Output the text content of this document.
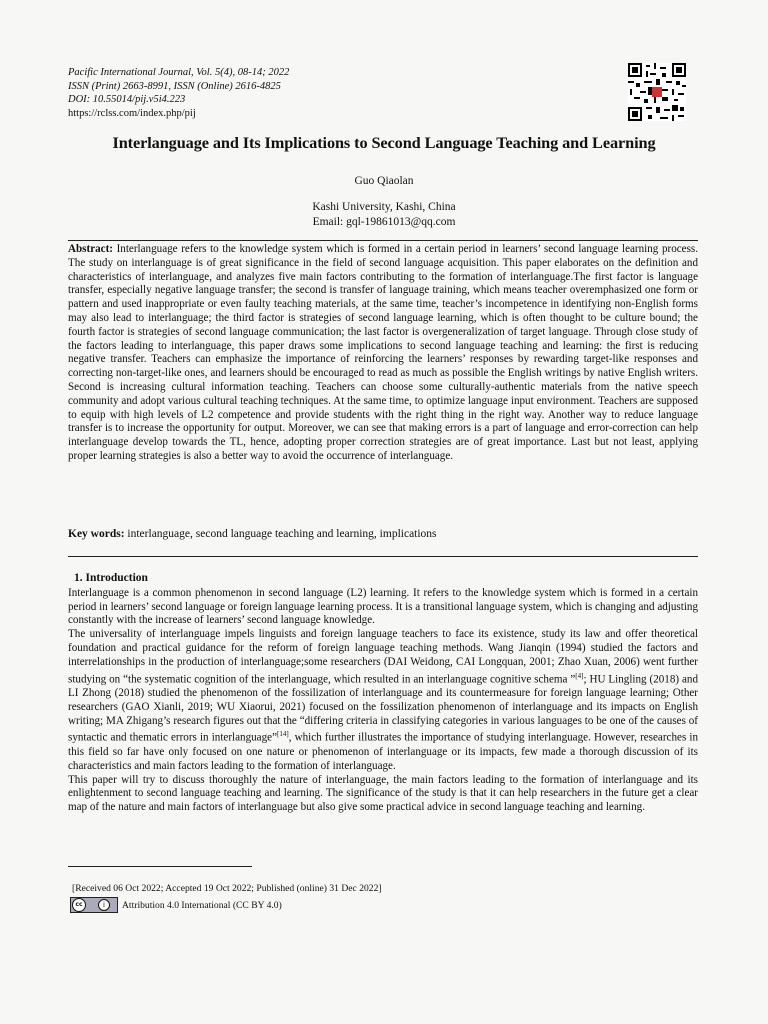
Pacific International Journal, Vol. 5(4), 08-14; 2022
ISSN (Print) 2663-8991, ISSN (Online) 2616-4825
DOI: 10.55014/pij.v5i4.223
https://rclss.com/index.php/pij
Interlanguage and Its Implications to Second Language Teaching and Learning
Guo Qiaolan
Kashi University, Kashi, China
Email: gql-19861013@qq.com
Abstract: Interlanguage refers to the knowledge system which is formed in a certain period in learners’ second language learning process. The study on interlanguage is of great significance in the field of second language acquisition. This paper elaborates on the definition and characteristics of interlanguage, and analyzes five main factors contributing to the formation of interlanguage.The first factor is language transfer, especially negative language transfer; the second is transfer of language training, which means teacher overemphasized one form or pattern and used inappropriate or even faulty teaching materials, at the same time, teacher’s incompetence in identifying non-English forms may also lead to interlanguage; the third factor is strategies of second language learning, which is often thought to be culture bound; the fourth factor is strategies of second language communication; the last factor is overgeneralization of target language. Through close study of the factors leading to interlanguage, this paper draws some implications to second language teaching and learning: the first is reducing negative transfer. Teachers can emphasize the importance of reinforcing the learners’ responses by rewarding target-like responses and correcting non-target-like ones, and learners should be encouraged to read as much as possible the English writings by native English writers. Second is increasing cultural information teaching. Teachers can choose some culturally-authentic materials from the native speech community and adopt various cultural teaching techniques. At the same time, to optimize language input environment. Teachers are supposed to equip with high levels of L2 competence and provide students with the right thing in the right way. Another way to reduce language transfer is to increase the opportunity for output. Moreover, we can see that making errors is a part of language and error-correction can help interlanguage develop towards the TL, hence, adopting proper correction strategies are of great importance. Last but not least, applying proper learning strategies is also a better way to avoid the occurrence of interlanguage.
Key words: interlanguage, second language teaching and learning, implications
1. Introduction

Interlanguage is a common phenomenon in second language (L2) learning. It refers to the knowledge system which is formed in a certain period in learners’ second language or foreign language learning process. It is a transitional language system, which is changing and adjusting constantly with the increase of learners’ second language knowledge.

The universality of interlanguage impels linguists and foreign language teachers to face its existence, study its law and offer theoretical foundation and practical guidance for the reform of foreign language teaching methods. Wang Jianqin (1994) studied the factors and interrelationships in the production of interlanguage;some researchers (DAI Weidong, CAI Longquan, 2001; Zhao Xuan, 2006) went further studying on “the systematic cognition of the interlanguage, which resulted in an interlanguage cognitive schema ”[4]; HU Lingling (2018) and LI Zhong (2018) studied the phenomenon of the fossilization of interlanguage and its countermeasure for foreign language learning; Other researchers (GAO Xianli, 2019; WU Xiaorui, 2021) focused on the fossilization phenomenon of interlanguage and its impacts on English writing; MA Zhigang’s research figures out that the “differing criteria in classifying categories in various languages to be one of the causes of syntactic and thematic errors in interlanguage”[14], which further illustrates the importance of studying interlanguage. However, researches in this field so far have only focused on one nature or phenomenon of interlanguage or its impacts, few made a thorough discussion of its characteristics and main factors leading to the formation of interlanguage.

This paper will try to discuss thoroughly the nature of interlanguage, the main factors leading to the formation of interlanguage and its enlightenment to second language teaching and learning. The significance of the study is that it can help researchers in the future get a clear map of the nature and main factors of interlanguage but also give some practical advice in second language teaching and learning.

[Received 06 Oct 2022; Accepted 19 Oct 2022; Published (online) 31 Dec 2022]
cc	i	Attribution 4.0 International (CC BY 4.0)
